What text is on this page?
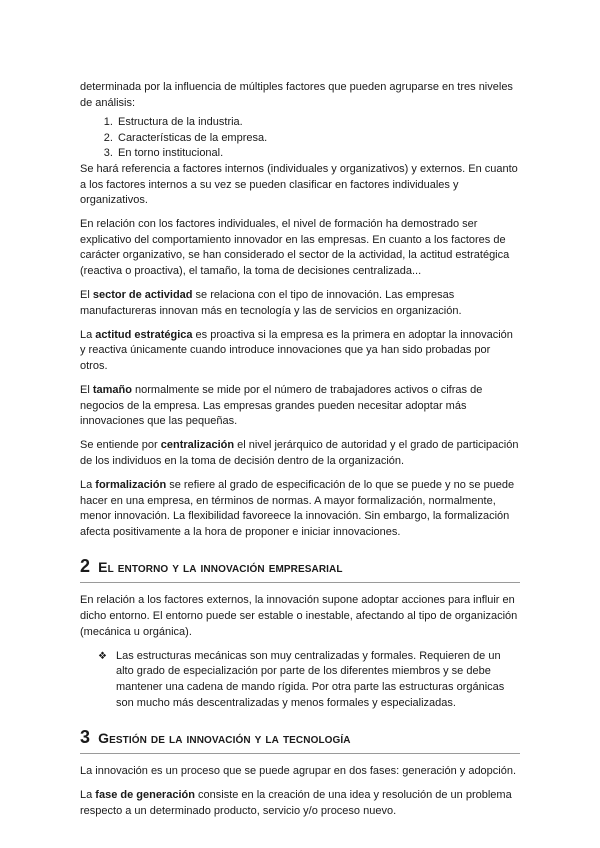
determinada por la influencia de múltiples factores que pueden agruparse en tres niveles de análisis:

1. Estructura de la industria.
2. Características de la empresa.
3. En torno institucional.

Se hará referencia a factores internos (individuales y organizativos) y externos. En cuanto a los factores internos a su vez se pueden clasificar en factores individuales y organizativos.

En relación con los factores individuales, el nivel de formación ha demostrado ser explicativo del comportamiento innovador en las empresas. En cuanto a los factores de carácter organizativo, se han considerado el sector de la actividad, la actitud estratégica (reactiva o proactiva), el tamaño, la toma de decisiones centralizada...

El sector de actividad se relaciona con el tipo de innovación. Las empresas manufactureras innovan más en tecnología y las de servicios en organización.

La actitud estratégica es proactiva si la empresa es la primera en adoptar la innovación y reactiva únicamente cuando introduce innovaciones que ya han sido probadas por otros.

El tamaño normalmente se mide por el número de trabajadores activos o cifras de negocios de la empresa. Las empresas grandes pueden necesitar adoptar más innovaciones que las pequeñas.

Se entiende por centralización el nivel jerárquico de autoridad y el grado de participación de los individuos en la toma de decisión dentro de la organización.

La formalización se refiere al grado de especificación de lo que se puede y no se puede hacer en una empresa, en términos de normas. A mayor formalización, normalmente, menor innovación. La flexibilidad favoreece la innovación. Sin embargo, la formalización afecta positivamente a la hora de proponer e iniciar innovaciones.

2 El entorno y la innovación empresarial

En relación a los factores externos, la innovación supone adoptar acciones para influir en dicho entorno. El entorno puede ser estable o inestable, afectando al tipo de organización (mecánica u orgánica).

❖ Las estructuras mecánicas son muy centralizadas y formales. Requieren de un alto grado de especialización por parte de los diferentes miembros y se debe mantener una cadena de mando rígida. Por otra parte las estructuras orgánicas son mucho más descentralizadas y menos formales y especializadas.
3 Gestión de la innovación y la tecnología

La innovación es un proceso que se puede agrupar en dos fases: generación y adopción.

La fase de generación consiste en la creación de una idea y resolución de un problema respecto a un determinado producto, servicio y/o proceso nuevo.
